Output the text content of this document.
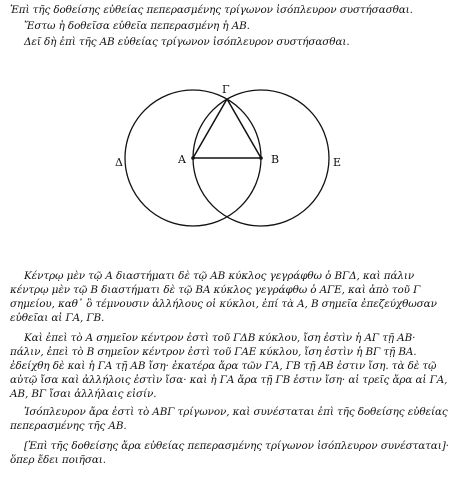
Ἐπὶ τῆς δοθείσης εὐθείας πεπερασμένης τρίγωνον ἰσόπλευρον συστήσασθαι.
Ἔστω ἡ δοθεῖσα εὐθεῖα πεπερασμένη ἡ ΑΒ.
Δεῖ δὴ ἐπὶ τῆς ΑΒ εὐθείας τρίγωνον ἰσόπλευρον συστήσασθαι.
Γ
Δ	Α	Β	Ε
Κέντρῳ μὲν τῷ Α διαστήματι δὲ τῷ ΑΒ κύκλος γεγράφθω ὁ ΒΓΔ, καὶ πάλιν
κέντρῳ μὲν τῷ Β διαστήματι δὲ τῷ ΒΑ κύκλος γεγράφθω ὁ ΑΓΕ, καὶ ἀπὸ τοῦ Γ
σημείου, καθ᾽ ὃ τέμνουσιν ἀλλήλους οἱ κύκλοι, ἐπί τὰ Α, Β σημεῖα ἐπεζεύχθωσαν
εὐθεῖαι αἱ ΓΑ, ΓΒ.
Καὶ ἐπεὶ τὸ Α σημεῖον κέντρον ἐστὶ τοῦ ΓΔΒ κύκλου, ἴση ἐστὶν ἡ ΑΓ τῇ ΑΒ·
πάλιν, ἐπεὶ τὸ Β σημεῖον κέντρον ἐστὶ τοῦ ΓΑΕ κύκλου, ἴση ἐστὶν ἡ ΒΓ τῇ ΒΑ.
ἐδείχθη δὲ καὶ ἡ ΓΑ τῇ ΑΒ ἴση· ἑκατέρα ἄρα τῶν ΓΑ, ΓΒ τῇ ΑΒ ἐστιν ἴση. τὰ δὲ τῷ
αὐτῷ ἴσα καὶ ἀλλήλοις ἐστὶν ἴσα· καὶ ἡ ΓΑ ἄρα τῇ ΓΒ ἐστιν ἴση· αἱ τρεῖς ἄρα αἱ ΓΑ,
ΑΒ, ΒΓ ἴσαι ἀλλήλαις εἰσίν.
Ἰσόπλευρον ἄρα ἐστὶ τὸ ΑΒΓ τρίγωνον, καὶ συνέσταται ἐπὶ τῆς δοθείσης εὐθείας
πεπερασμένης τῆς ΑΒ.
[Ἐπὶ τῆς δοθείσης ἄρα εὐθείας πεπερασμένης τρίγωνον ἰσόπλευρον συνέσταται]·
ὅπερ ἔδει ποιῆσαι.
